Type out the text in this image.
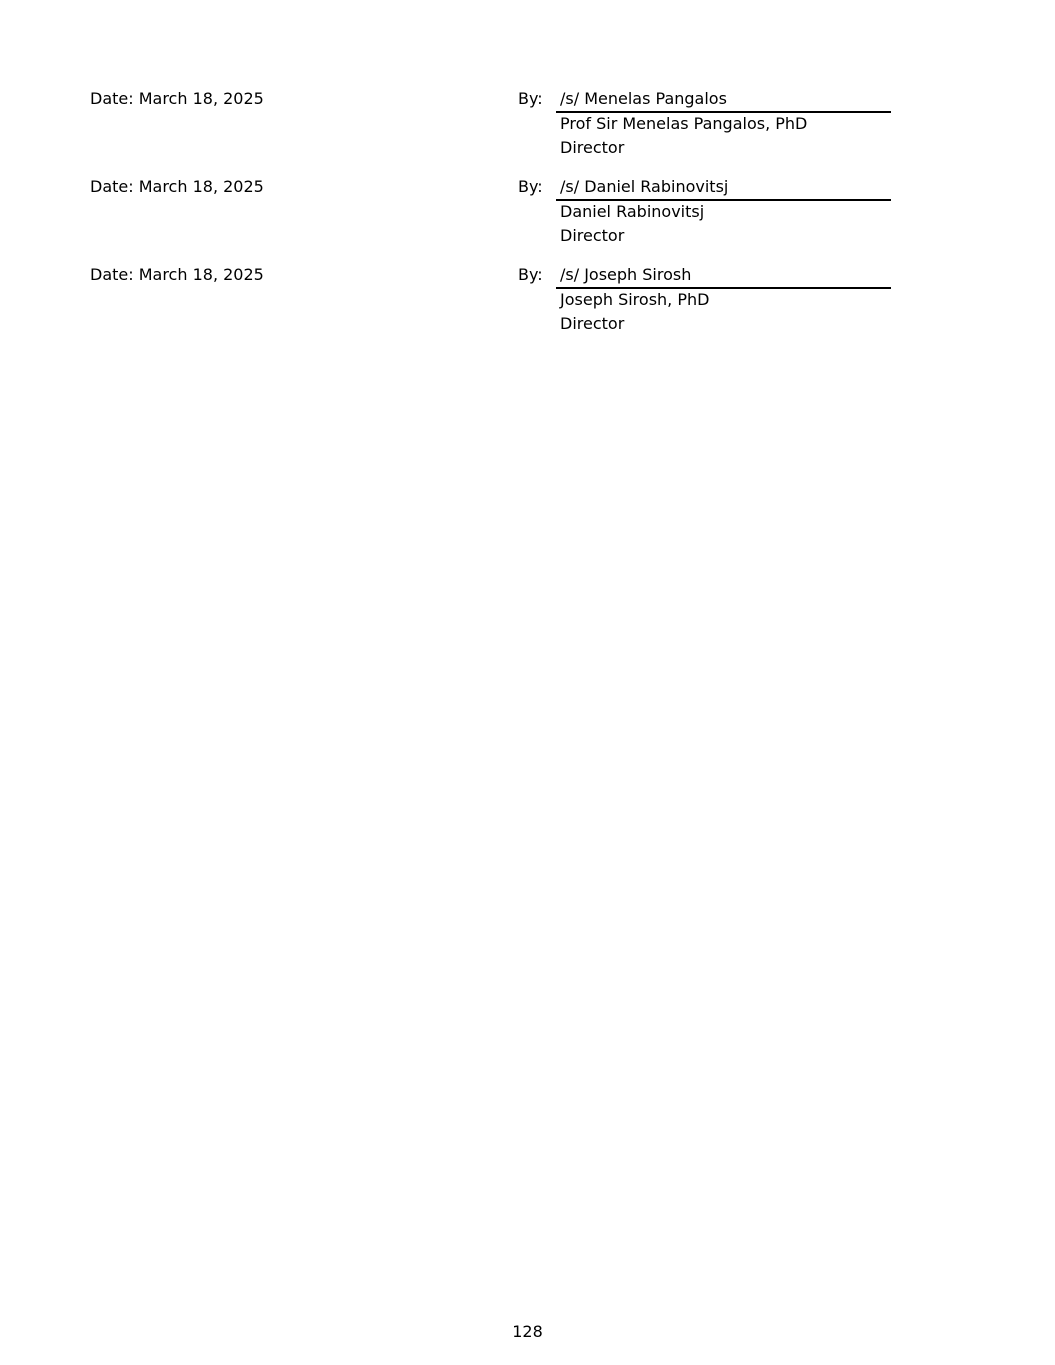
Date: March 18, 2025	By: /s/ Menelas Pangalos
Prof Sir Menelas Pangalos, PhD
Director
Date: March 18, 2025	By: /s/ Daniel Rabinovitsj
Daniel Rabinovitsj
Director
Date: March 18, 2025	By: /s/ Joseph Sirosh
Joseph Sirosh, PhD
Director
128
